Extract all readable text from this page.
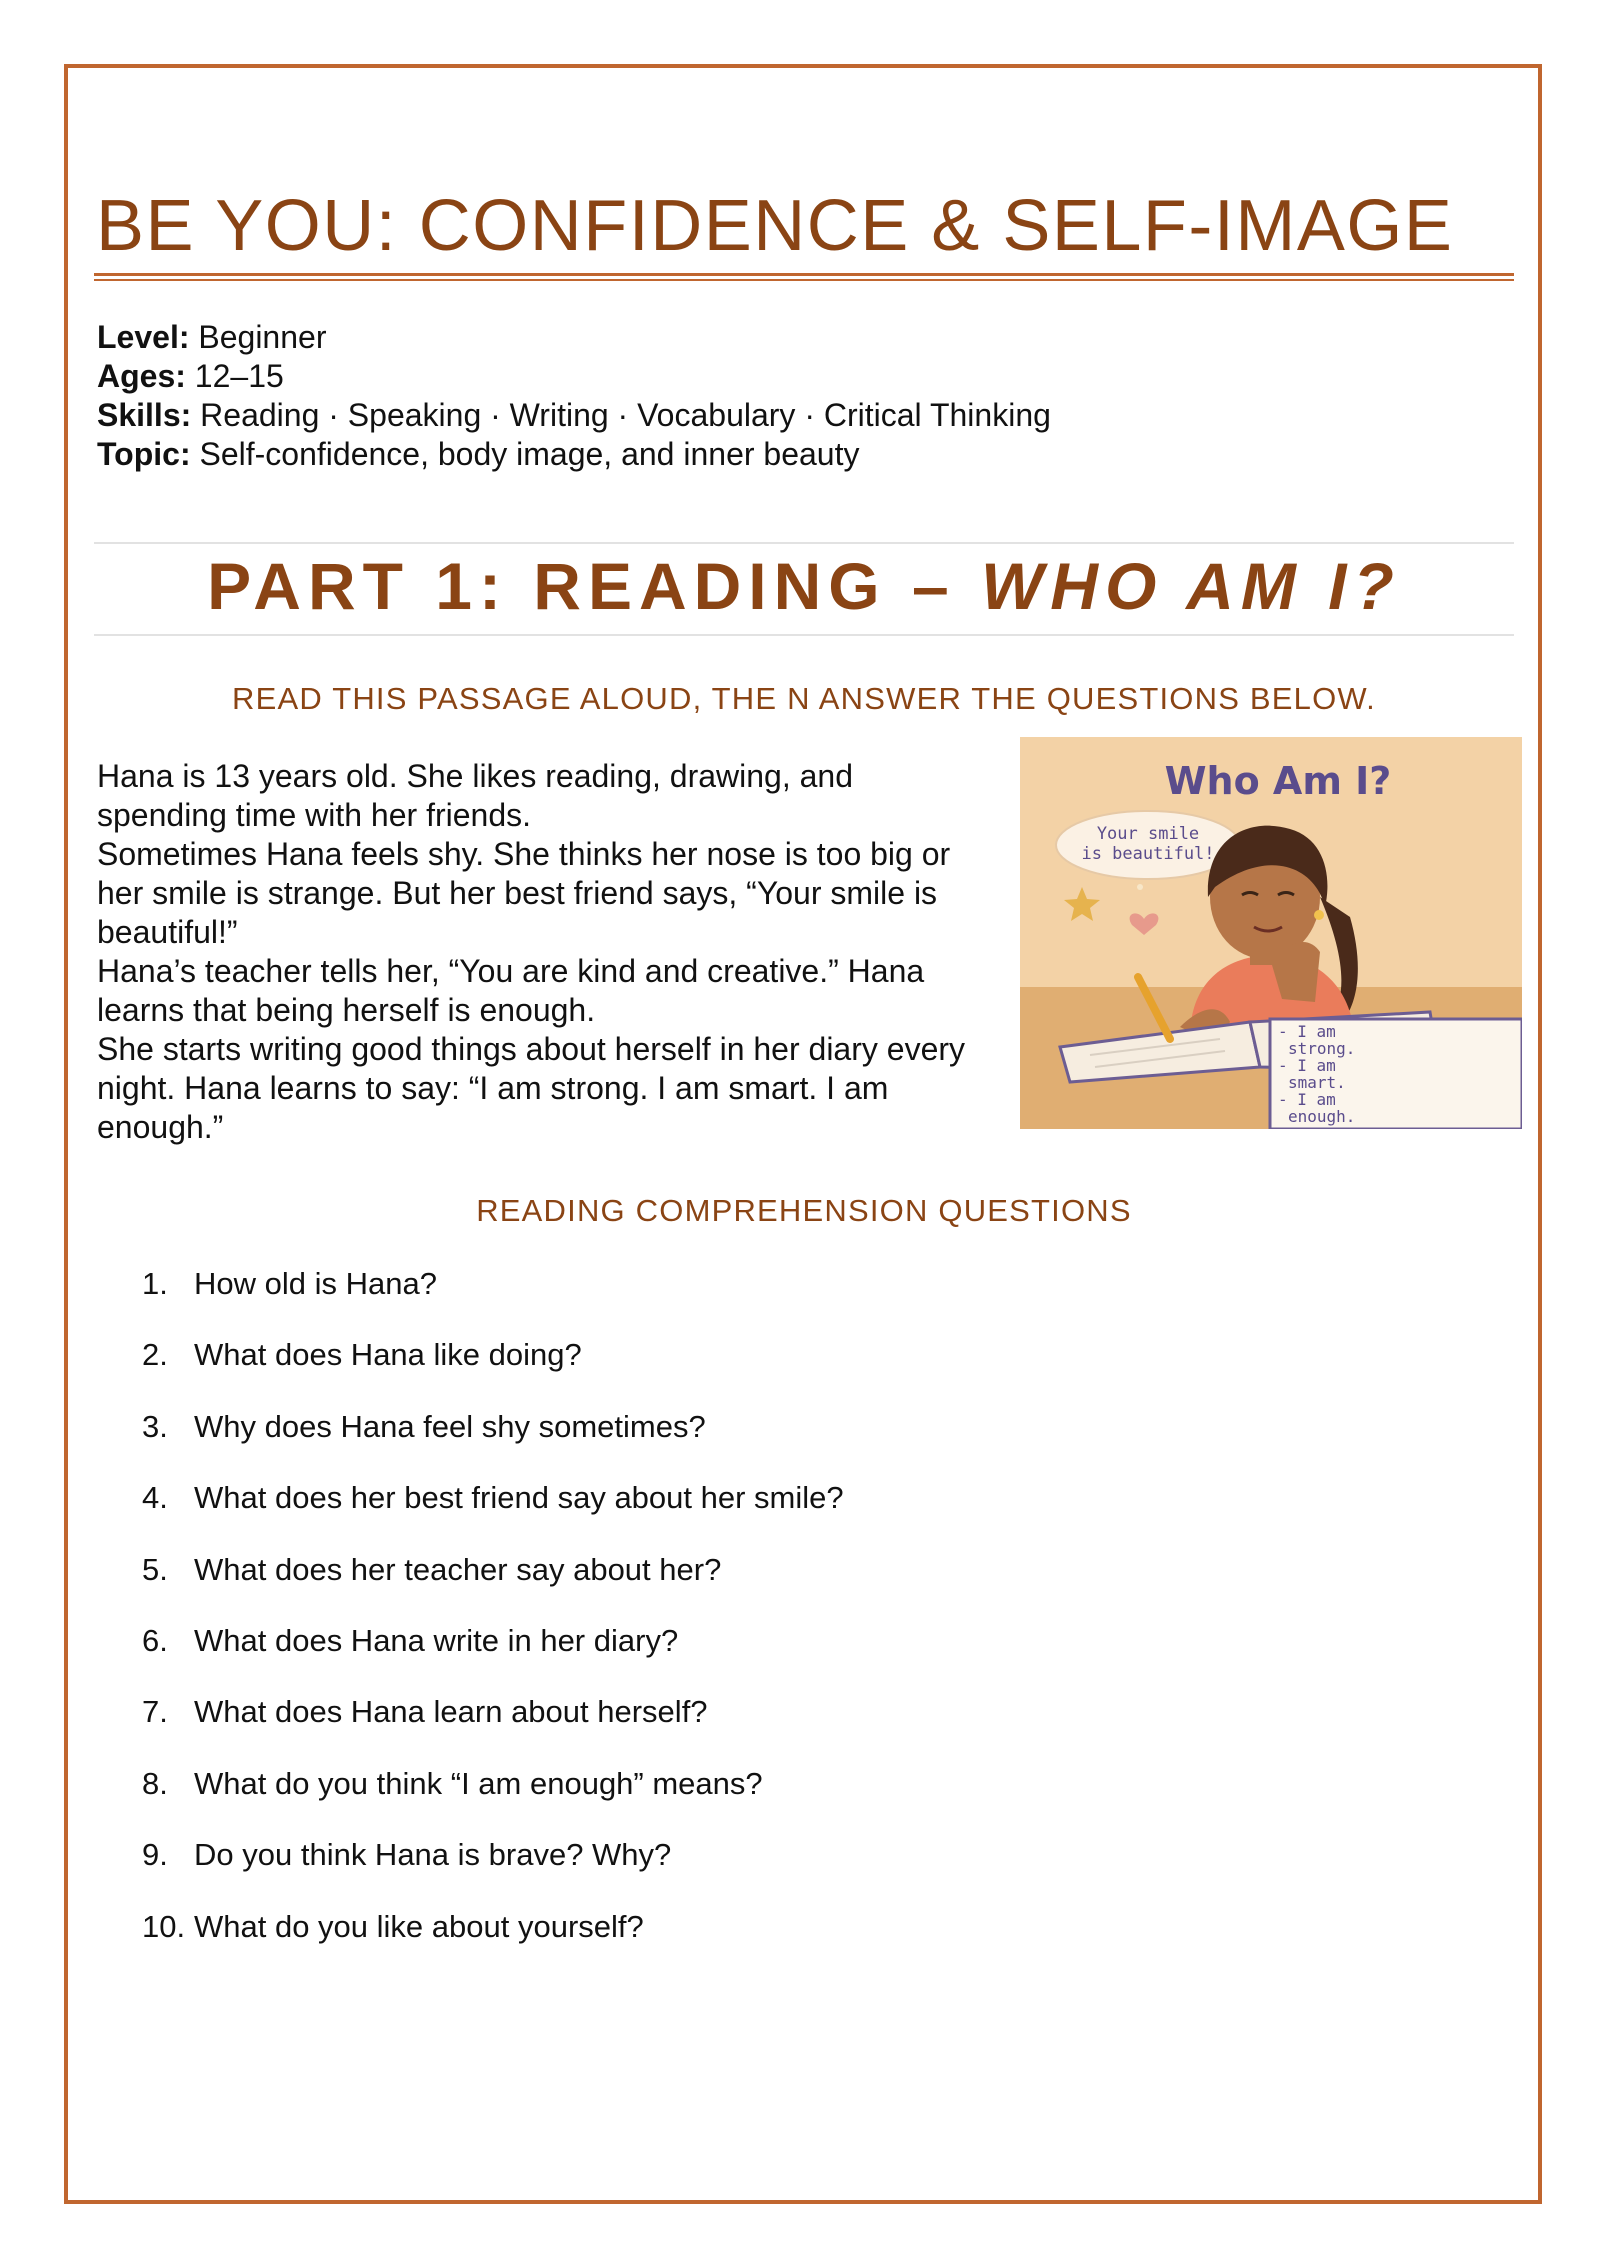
BE YOU: CONFIDENCE & SELF-IMAGE
Level: Beginner
Ages: 12–15
Skills: Reading · Speaking · Writing · Vocabulary · Critical Thinking
Topic: Self-confidence, body image, and inner beauty
PART 1: READING – WHO AM I?
READ THIS PASSAGE ALOUD, THE N ANSWER THE QUESTIONS BELOW.

Hana is 13 years old. She likes reading, drawing, and

spending time with her friends.

Sometimes Hana feels shy. She thinks her nose is too big or

her smile is strange. But her best friend says, “Your smile is

beautiful!”

Hana’s teacher tells her, “You are kind and creative.” Hana

learns that being herself is enough.

She starts writing good things about herself in her diary every

night. Hana learns to say: “I am strong. I am smart. I am

enough.”

Who Am I?
Your smile
is beautiful!
- I am
strong.
- I am
smart.
- I am
enough.
READING COMPREHENSION QUESTIONS
1. How old is Hana?
2. What does Hana like doing?
3. Why does Hana feel shy sometimes?
4. What does her best friend say about her smile?
5. What does her teacher say about her?
6. What does Hana write in her diary?
7. What does Hana learn about herself?
8. What do you think “I am enough” means?
9. Do you think Hana is brave? Why?
10. What do you like about yourself?
